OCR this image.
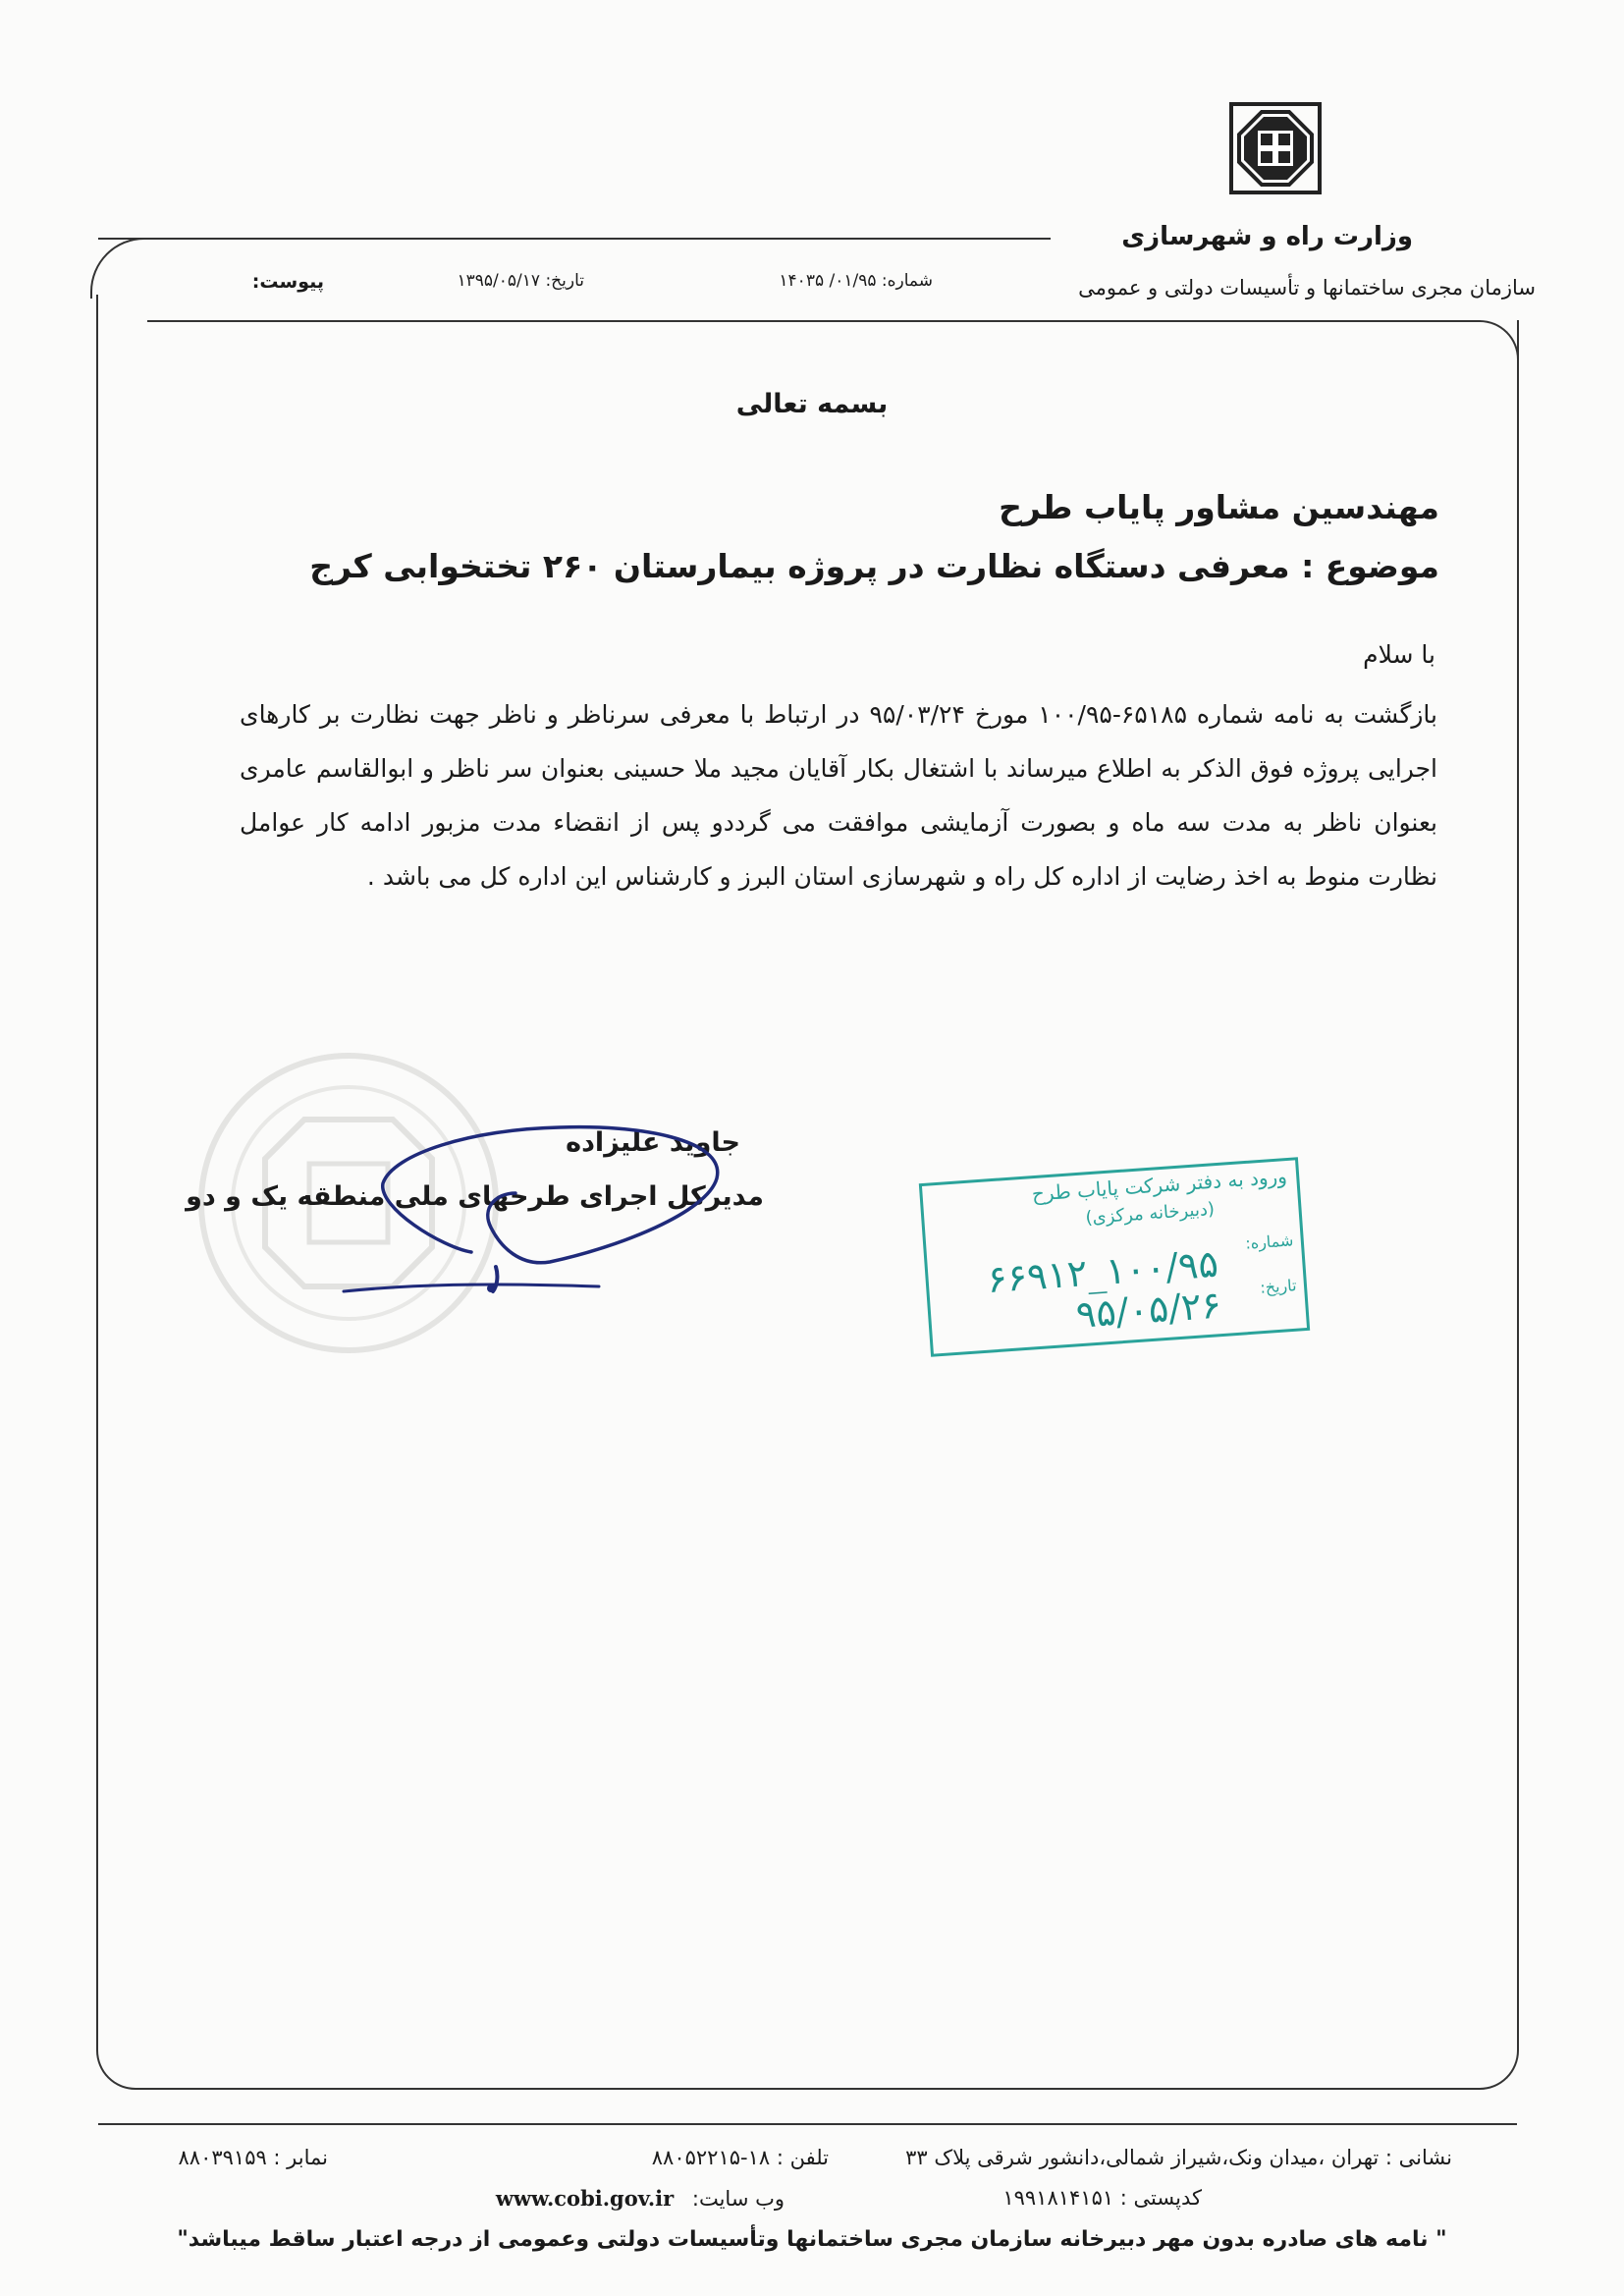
وزارت راه و شهرسازی
سازمان مجری ساختمانها و تأسیسات دولتی و عمومی
شماره: ۰۱/۹۵/ ۱۴۰۳۵
تاریخ: ۱۳۹۵/۰۵/۱۷
پیوست:
بسمه تعالی
مهندسین مشاور پایاب طرح
موضوع : معرفی دستگاه نظارت در پروژه بیمارستان ۲۶۰ تختخوابی کرج
با سلام
بازگشت به نامه شماره ۶۵۱۸۵-۱۰۰/۹۵ مورخ ۹۵/۰۳/۲۴ در ارتباط با معرفی سرناظر و ناظر جهت نظارت بر کارهای اجرایی پروژه فوق الذکر به اطلاع میرساند با اشتغال بکار آقایان مجید ملا حسینی بعنوان سر ناظر و ابوالقاسم عامری بعنوان ناظر به مدت سه ماه و بصورت آزمایشی موافقت می گرددو پس از انقضاء مدت مزبور ادامه کار عوامل نظارت منوط به اخذ رضایت از اداره کل راه و شهرسازی استان البرز و کارشناس این اداره کل می باشد .
جاوید علیزاده
مدیرکل اجرای طرحهای ملی منطقه یک و دو	ورود به دفتر شرکت پایاب طرح
(دبیرخانه مرکزی)
شماره:
۱۰۰/۹۵_۶۶۹۱۲	تاریخ:
۹۵/۰۵/۲۶
نشانی : تهران ،میدان ونک،شیراز شمالی،دانشور شرقی پلاک ۳۳
تلفن : ۱۸-۸۸۰۵۲۲۱۵
نمابر : ۸۸۰۳۹۱۵۹
کدپستی : ۱۹۹۱۸۱۴۱۵۱
وب سایت: www.cobi.gov.ir
" نامه های صادره بدون مهر دبیرخانه سازمان مجری ساختمانها وتأسیسات دولتی وعمومی از درجه اعتبار ساقط میباشد"
